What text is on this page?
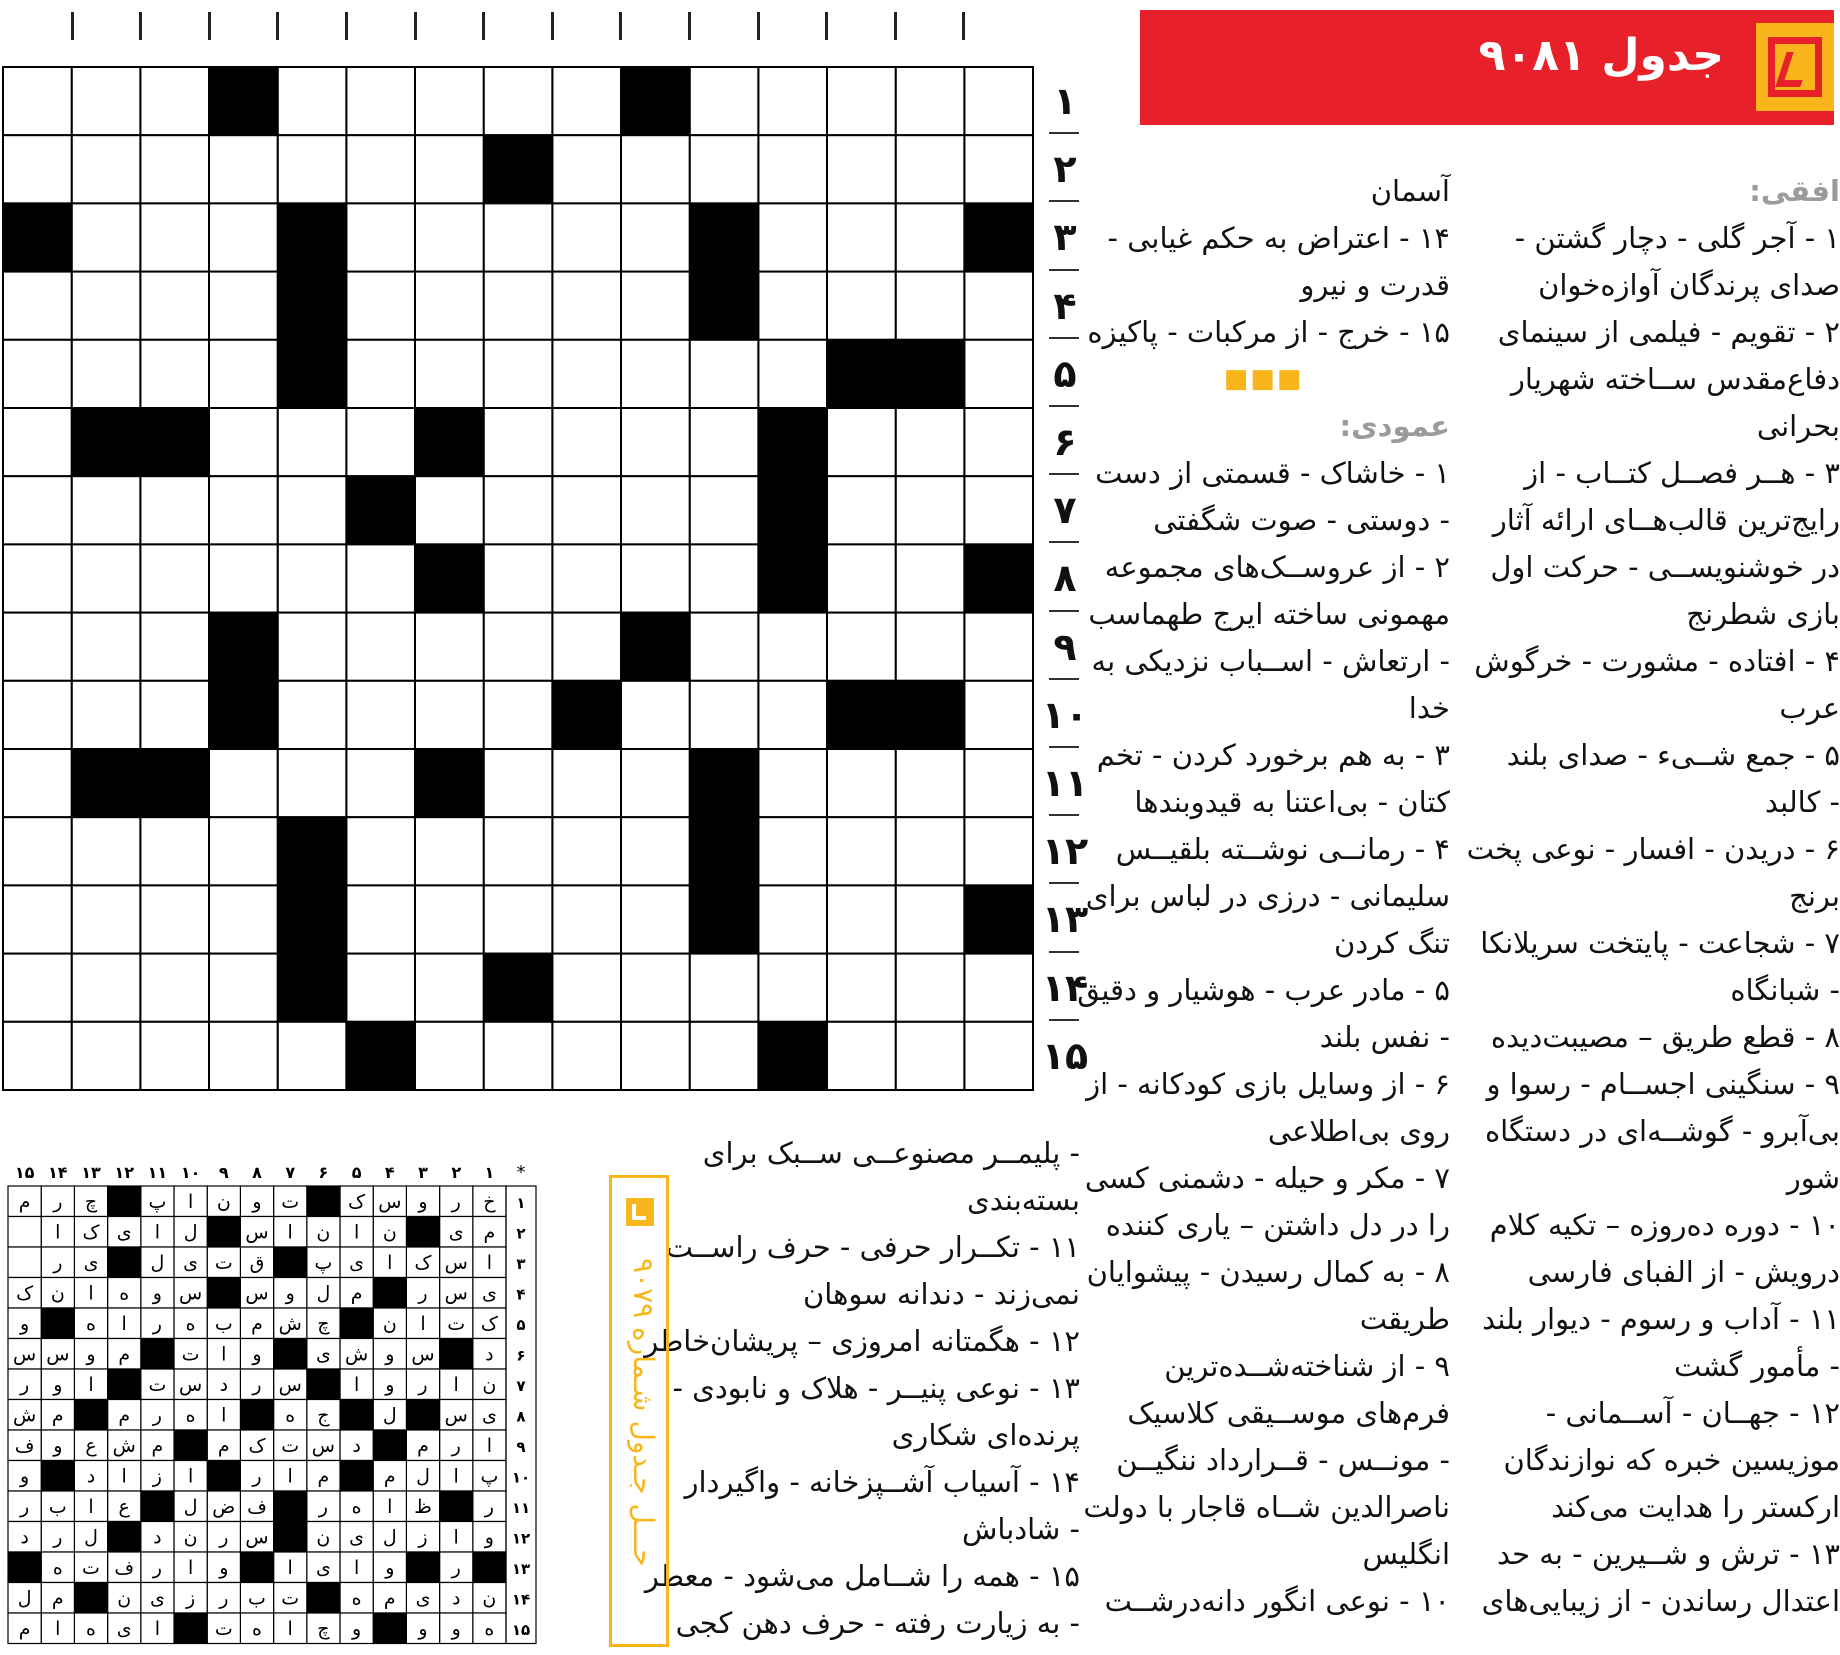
۱
۲
۳
۴
۵
۶
۷
۸
۹
۱۰
۱۱
۱۲
۱۳
۱۴
۱۵
جدول ۹۰۸۱
افقی:
۱ - آجر گلی - دچار گشتن -
صدای پرندگان آوازه‌خوان
۲ - تقویم - فیلمی از سینمای
دفاع‌مقدس ســاخته شهریار
بحرانی
۳ - هــر فصــل کتــاب - از
رایج‌ترین قالب‌هــای ارائه آثار
در خوشنویســی - حرکت اول
بازی شطرنج
۴ - افتاده - مشورت - خرگوش
عرب
۵ - جمع شــیء - صدای بلند
- کالبد
۶ - دریدن - افسار - نوعی پخت
برنج
۷ - شجاعت - پایتخت سریلانکا
- شبانگاه
۸ - قطع طریق – مصیبت‌دیده
۹ - سنگینی اجســام - رسوا و
بی‌آبرو - گوشــه‌ای در دستگاه
شور
۱۰ - دوره ده‌روزه – تکیه کلام
درویش - از الفبای فارسی
۱۱ - آداب و رسوم - دیوار بلند
- مأمور گشت
۱۲ - جهــان - آســمانی -
موزیسین خبره که نوازندگان
ارکستر را هدایت می‌کند
۱۳ - ترش و شــیرین - به حد
اعتدال رساندن - از زیبایی‌های
آسمان
۱۴ - اعتراض به حکم غیابی -
قدرت و نیرو
۱۵ - خرج - از مرکبات - پاکیزه
■■■
عمودی:
۱ - خاشاک - قسمتی از دست
- دوستی - صوت شگفتی
۲ - از عروســک‌های مجموعه
مهمونی ساخته ایرج طهماسب
- ارتعاش - اســباب نزدیکی به
خدا
۳ - به هم برخورد کردن - تخم
کتان - بی‌اعتنا به قیدوبندها
۴ - رمانــی نوشــته بلقیــس
سلیمانی - درزی در لباس برای
تنگ کردن
۵ - مادر عرب - هوشیار و دقیق
- نفس بلند
۶ - از وسایل بازی کودکانه - از
روی بی‌اطلاعی
۷ - مکر و حیله - دشمنی کسی
را در دل داشتن – یاری کننده
۸ - به کمال رسیدن - پیشوایان
طریقت
۹ - از شناخته‌شــده‌ترین
فرم‌های موســیقی کلاسیک
- مونــس - قــرارداد ننگیــن
ناصرالدین شــاه قاجار با دولت
انگلیس
۱۰ - نوعی انگور دانه‌درشــت
- پلیمــر مصنوعــی ســبک برای
بسته‌بندی
۱۱ - تکــرار حرفی - حرف راســت
نمی‌زند - دندانه سوهان
۱۲ - هگمتانه امروزی – پریشان‌خاطر
۱۳ - نوعی پنیــر - هلاک و نابودی -
پرنده‌ای شکاری
۱۴ - آسیاب آشــپزخانه - واگیردار
- شادباش
۱۵ - همه را شــامل می‌شود - معطر
- به زیارت رفته - حرف دهن کجی
حـــل جـدول شـماره ۹۰۷۹
۱
۲
۳
۴
۵
۶
۷
۸
۹
۱۰
۱۱
۱۲
۱۳
۱۴
۱۵	*
۱
خ
ر
و
س
ک
ت
و
ن
ا
پ
چ
ر
م
۲
م
ی
ن
ا
ن
ا
س
ل
ا
ی
ک
ا
۳
ا
س
ک
ا
ی
پ
ق
ت
ی
ل
ی
ر
۴
ی
س
ر
م
ل
و
س
س
و
ه
ا
ن
ک
۵
ک
ت
ا
ن
چ
ش
م
ب
ه
ر
ا
ه
و
۶
د
س
و
ش
ی
و
ا
ت
م
و
س
س
۷
ن
ا
ر
و
ا
س
ر
د
س
ت
ا
و
ر
۸
ی
س
ل
ج
ه
ا
ه
ر
م
م
ش
۹
ا
ر
م
د
س
ت
ک
م
م
ش
ع
و
ف
۱۰
پ
ا
ل
م
م
ا
ر
ا
ز
ا
د
و
۱۱
ر
ظ
ا
ه
ر
ف
ض
ل
ع
ا
ب
ر
۱۲
و
ا
ز
ل
ی
ن
س
ر
ن
د
ل
ر
د
۱۳
ر
و
ا
ی
ا
و
ا
ر
ف
ت
ه
۱۴
ن
د
ی
م
ه
ت
ب
ر
ز
ی
ن
م
ل
۱۵
ه
و
و
و
چ
ا
ه
ت
ا
ی
ه
ا
م
